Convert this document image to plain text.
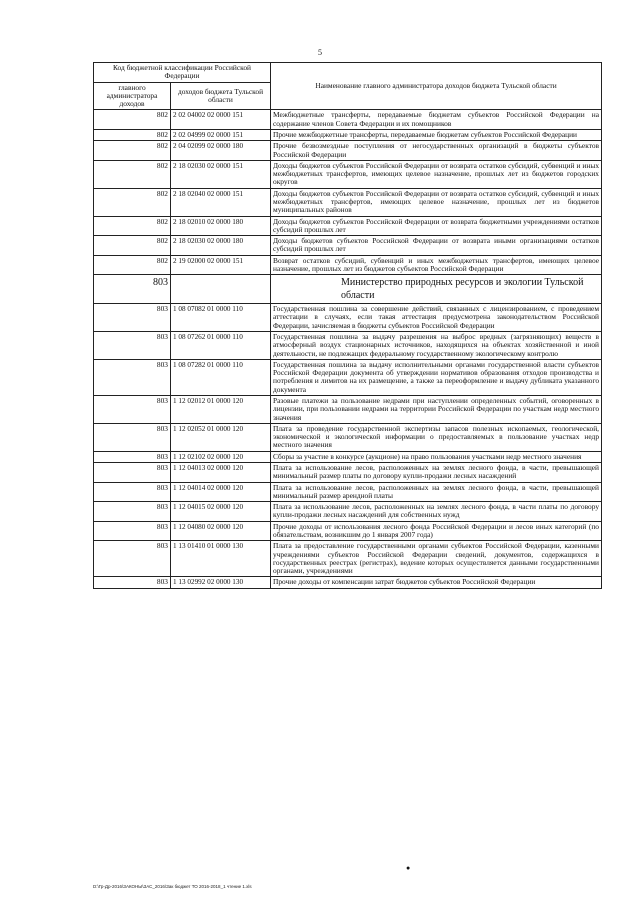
5
Код бюджетной классификации Российской Федерации		Наименование главного администратора доходов бюджета Тульской области
главного администратора доходов	доходов бюджета Тульской области	
802	2 02 04002 02 0000 151	Межбюджетные трансферты, передаваемые бюджетам субъектов Российской Федерации на содержание членов Совета Федерации и их помощников
802	2 02 04999 02 0000 151	Прочие межбюджетные трансферты, передаваемые бюджетам субъектов Российской Федерации
802	2 04 02099 02 0000 180	Прочие безвозмездные поступления от негосударственных организаций в бюджеты субъектов Российской Федерации
802	2 18 02030 02 0000 151	Доходы бюджетов субъектов Российской Федерации от возврата остатков субсидий, субвенций и иных межбюджетных трансфертов, имеющих целевое назначение, прошлых лет из бюджетов городских округов
802	2 18 02040 02 0000 151	Доходы бюджетов субъектов Российской Федерации от возврата остатков субсидий, субвенций и иных межбюджетных трансфертов, имеющих целевое назначение, прошлых лет из бюджетов муниципальных районов
802	2 18 02010 02 0000 180	Доходы бюджетов субъектов Российской Федерации от возврата бюджетными учреждениями остатков субсидий прошлых лет
802	2 18 02030 02 0000 180	Доходы бюджетов субъектов Российской Федерации от возврата иными организациями остатков субсидий прошлых лет
802	2 19 02000 02 0000 151	Возврат остатков субсидий, субвенций и иных межбюджетных трансфертов, имеющих целевое назначение, прошлых лет из бюджетов субъектов Российской Федерации
803		Министерство природных ресурсов и экологии Тульской области
803	1 08 07082 01 0000 110	Государственная пошлина за совершение действий, связанных с лицензированием, с проведением аттестации в случаях, если такая аттестация предусмотрена законодательством Российской Федерации, зачисляемая в бюджеты субъектов Российской Федерации
803	1 08 07262 01 0000 110	Государственная пошлина за выдачу разрешения на выброс вредных (загрязняющих) веществ в атмосферный воздух стационарных источников, находящихся на объектах хозяйственной и иной деятельности, не подлежащих федеральному государственному экологическому контролю
803	1 08 07282 01 0000 110	Государственная пошлина за выдачу исполнительными органами государственной власти субъектов Российской Федерации документа об утверждении нормативов образования отходов производства и потребления и лимитов на их размещение, а также за переоформление и выдачу дубликата указанного документа
803	1 12 02012 01 0000 120	Разовые платежи за пользование недрами при наступлении определенных событий, оговоренных в лицензии, при пользовании недрами на территории Российской Федерации по участкам недр местного значения
803	1 12 02052 01 0000 120	Плата за проведение государственной экспертизы запасов полезных ископаемых, геологической, экономической и экологической информации о предоставляемых в пользование участках недр местного значения
803	1 12 02102 02 0000 120	Сборы за участие в конкурсе (аукционе) на право пользования участками недр местного значения
803	1 12 04013 02 0000 120	Плата за использование лесов, расположенных на землях лесного фонда, в части, превышающей минимальный размер платы по договору купли-продажи лесных насаждений
803	1 12 04014 02 0000 120	Плата за использование лесов, расположенных на землях лесного фонда, в части, превышающей минимальный размер арендной платы
803	1 12 04015 02 0000 120	Плата за использование лесов, расположенных на землях лесного фонда, в части платы по договору купли-продажи лесных насаждений для собственных нужд
803	1 12 04080 02 0000 120	Прочие доходы от использования лесного фонда Российской Федерации и лесов иных категорий (по обязательствам, возникшим до 1 января 2007 года)
803	1 13 01410 01 0000 130	Плата за предоставление государственными органами субъектов Российской Федерации, казенными учреждениями субъектов Российской Федерации сведений, документов, содержащихся в государственных реестрах (регистрах), ведение которых осуществляется данными государственными органами, учреждениями
803	1 13 02992 02 0000 130	Прочие доходы от компенсации затрат бюджетов субъектов Российской Федерации
●
D:\Гр-Др-2016\ЗАКОНЫ\ЗАС_2016\Зак бюджет ТО 2016-2018_1 чтение 1.xls
